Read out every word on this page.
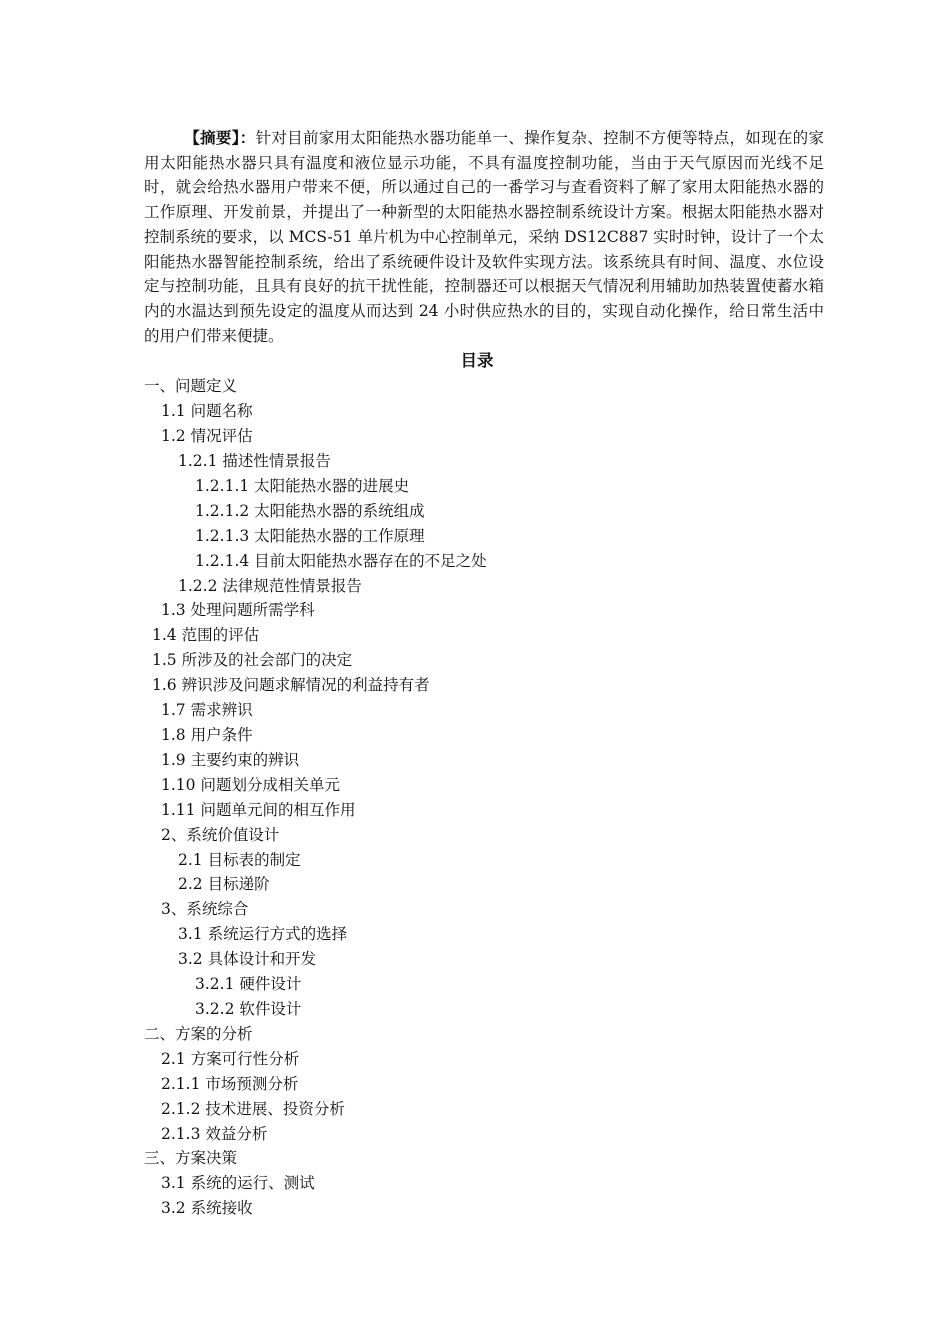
【摘要】：针对目前家用太阳能热水器功能单一、操作复杂、控制不方便等特点，如现在的家用太阳能热水器只具有温度和液位显示功能，不具有温度控制功能，当由于天气原因而光线不足时，就会给热水器用户带来不便，所以通过自己的一番学习与查看资料了解了家用太阳能热水器的工作原理、开发前景，并提出了一种新型的太阳能热水器控制系统设计方案。根据太阳能热水器对控制系统的要求，以 MCS-51 单片机为中心控制单元，采纳 DS12C887 实时时钟，设计了一个太阳能热水器智能控制系统，给出了系统硬件设计及软件实现方法。该系统具有时间、温度、水位设定与控制功能，且具有良好的抗干扰性能，控制器还可以根据天气情况利用辅助加热装置使蓄水箱内的水温达到预先设定的温度从而达到 24 小时供应热水的目的，实现自动化操作，给日常生活中的用户们带来便捷。

目录

一、问题定义
1.1 问题名称
1.2 情况评估
1.2.1 描述性情景报告
1.2.1.1 太阳能热水器的进展史
1.2.1.2 太阳能热水器的系统组成
1.2.1.3 太阳能热水器的工作原理
1.2.1.4 目前太阳能热水器存在的不足之处
1.2.2 法律规范性情景报告
1.3 处理问题所需学科
1.4 范围的评估
1.5 所涉及的社会部门的决定
1.6 辨识涉及问题求解情况的利益持有者
1.7 需求辨识
1.8 用户条件
1.9 主要约束的辨识
1.10 问题划分成相关单元
1.11 问题单元间的相互作用
2、系统价值设计
2.1 目标表的制定
2.2 目标递阶
3、系统综合
3.1 系统运行方式的选择
3.2 具体设计和开发
3.2.1 硬件设计
3.2.2 软件设计
二、方案的分析
2.1 方案可行性分析
2.1.1 市场预测分析
2.1.2 技术进展、投资分析
2.1.3 效益分析
三、方案决策
3.1 系统的运行、测试
3.2 系统接收
